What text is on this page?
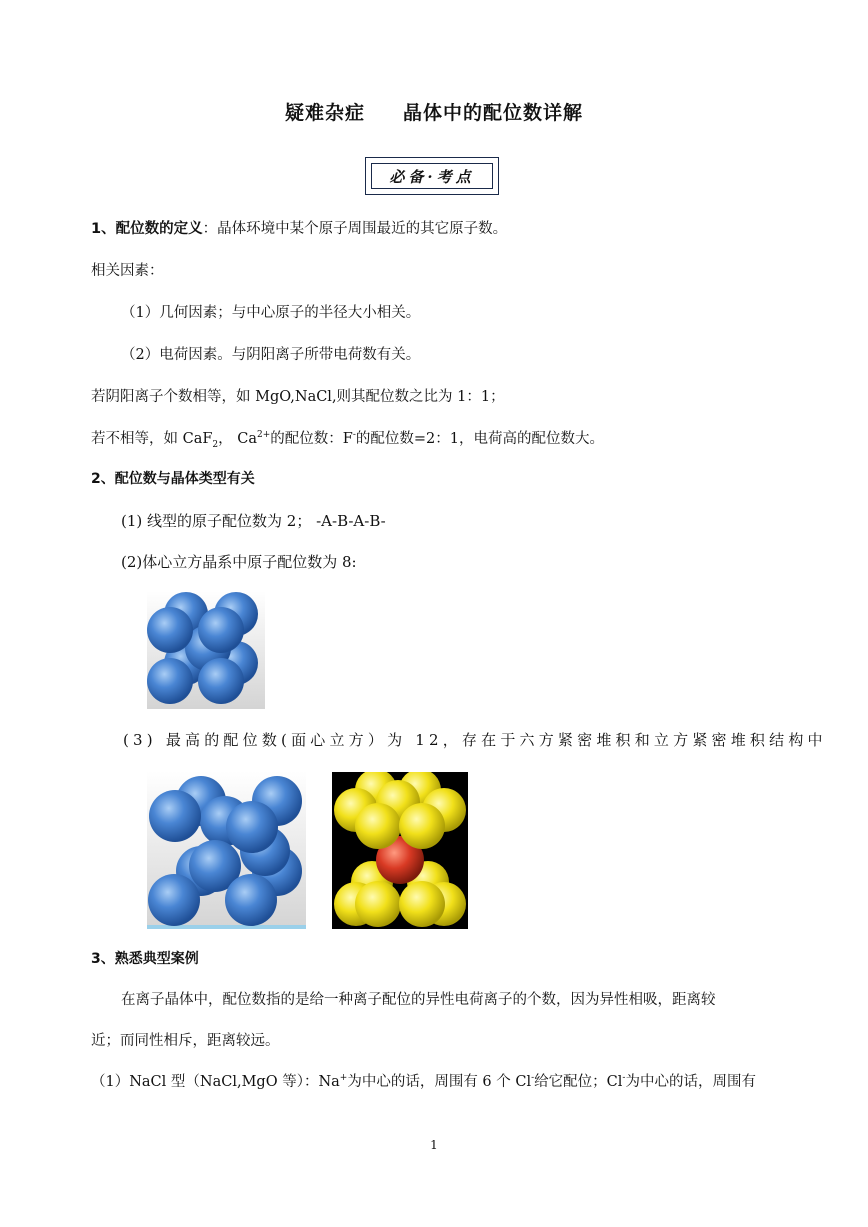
疑难杂症 晶体中的配位数详解
必备·考点
1、配位数的定义：晶体环境中某个原子周围最近的其它原子数。
相关因素：
（1）几何因素；与中心原子的半径大小相关。
（2）电荷因素。与阴阳离子所带电荷数有关。
若阴阳离子个数相等，如 MgO,NaCl,则其配位数之比为 1：1；
若不相等，如 CaF$_2$， $Ca^{2+}$的配位数：F-的配位数=2：1，电荷高的配位数大。
2、配位数与晶体类型有关
(1) 线型的原子配位数为 2； -A-B-A-B-
(2)体心立方晶系中原子配位数为 8:
(3) 最高的配位数(面心立方）为 12，存在于六方紧密堆积和立方紧密堆积结构中
3、熟悉典型案例
在离子晶体中，配位数指的是给一种离子配位的异性电荷离子的个数，因为异性相吸，距离较
近；而同性相斥，距离较远。
（1）NaCl 型（NaCl,MgO 等）：Na+为中心的话，周围有 6 个 Cl-给它配位；Cl-为中心的话，周围有
1
